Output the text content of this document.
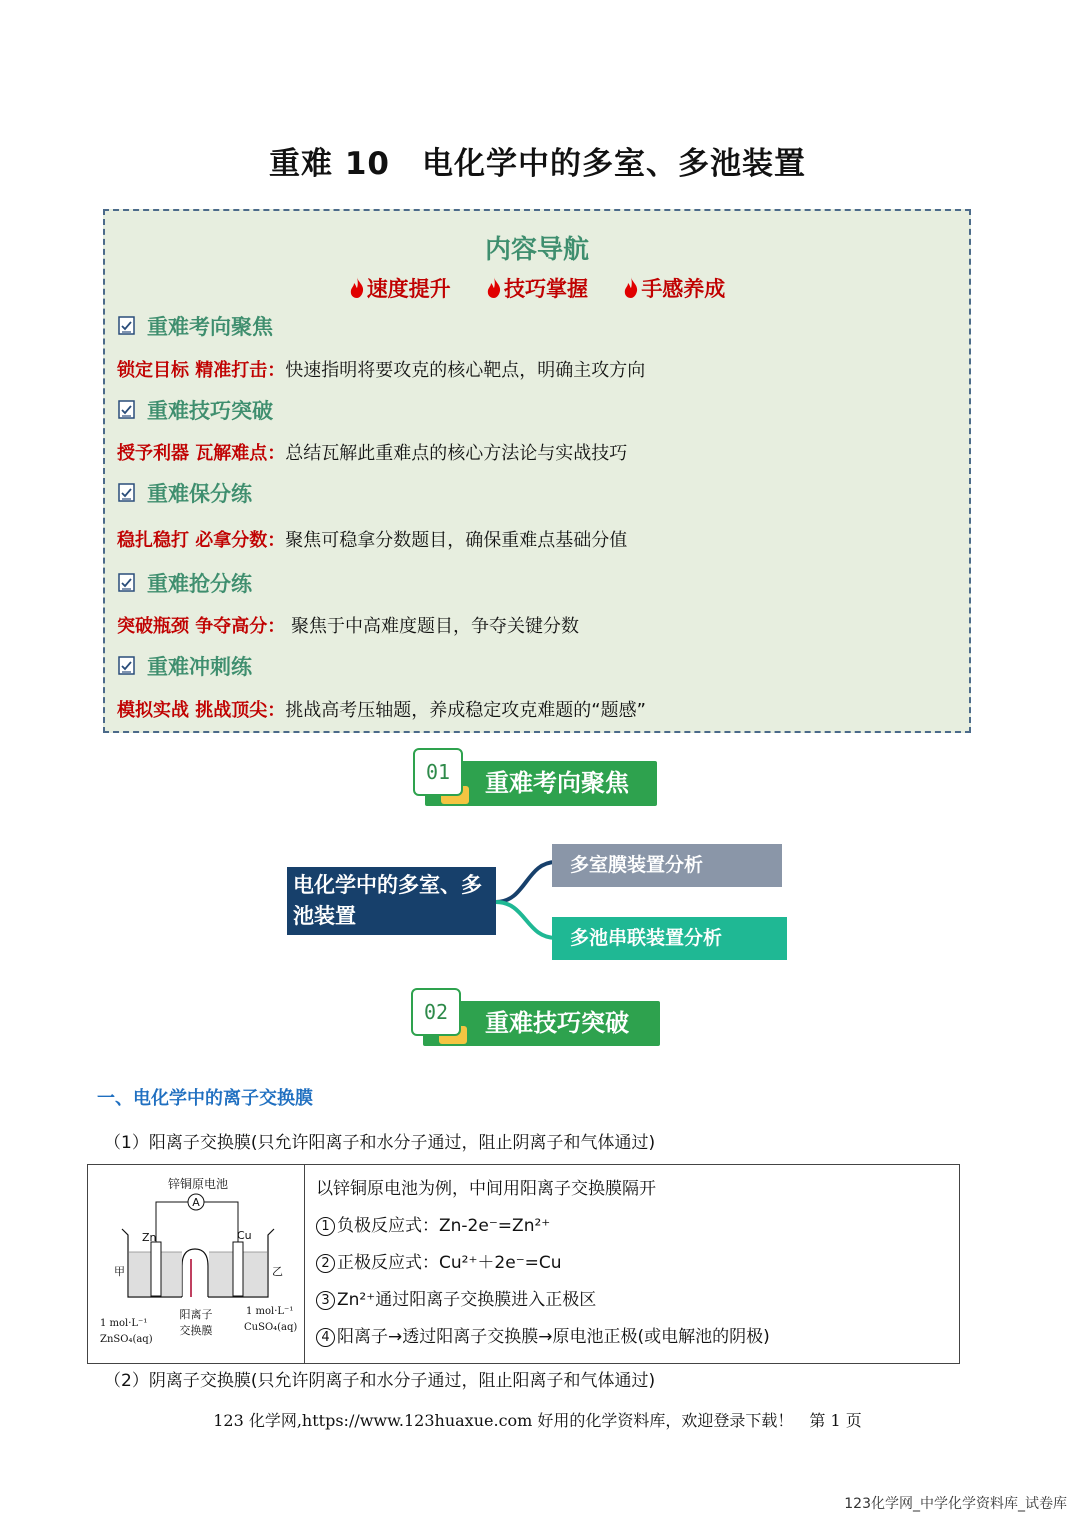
重难 10　电化学中的多室、多池装置
内容导航
速度提升	技巧掌握	手感养成
重难考向聚焦
锁定目标 精准打击：快速指明将要攻克的核心靶点，明确主攻方向
重难技巧突破
授予利器 瓦解难点：总结瓦解此重难点的核心方法论与实战技巧
重难保分练
稳扎稳打 必拿分数：聚焦可稳拿分数题目，确保重难点基础分值
重难抢分练
突破瓶颈 争夺高分： 聚焦于中高难度题目，争夺关键分数
重难冲刺练
模拟实战 挑战顶尖：挑战高考压轴题，养成稳定攻克难题的“题感”
重难考向聚焦
01
电化学中的多室、多池装置
多室膜装置分析
多池串联装置分析
重难技巧突破
02
一、电化学中的离子交换膜
（1）阳离子交换膜(只允许阳离子和水分子通过，阻止阴离子和气体通过)
锌铜原电池
A
Zn	Cu
甲	乙
1 mol·L⁻¹
ZnSO₄(aq)
阳离子
交换膜
1 mol·L⁻¹
CuSO₄(aq)
以锌铜原电池为例，中间用阳离子交换膜隔开
1 负极反应式：Zn-2e⁻=Zn²⁺
2 正极反应式：Cu²⁺＋2e⁻=Cu
3 Zn²⁺通过阳离子交换膜进入正极区
4 阳离子→透过阳离子交换膜→原电池正极(或电解池的阴极)
（2）阴离子交换膜(只允许阴离子和水分子通过，阻止阳离子和气体通过)
123 化学网,https://www.123huaxue.com 好用的化学资料库，欢迎登录下载！　第 1 页
123化学网_中学化学资料库_试卷库
